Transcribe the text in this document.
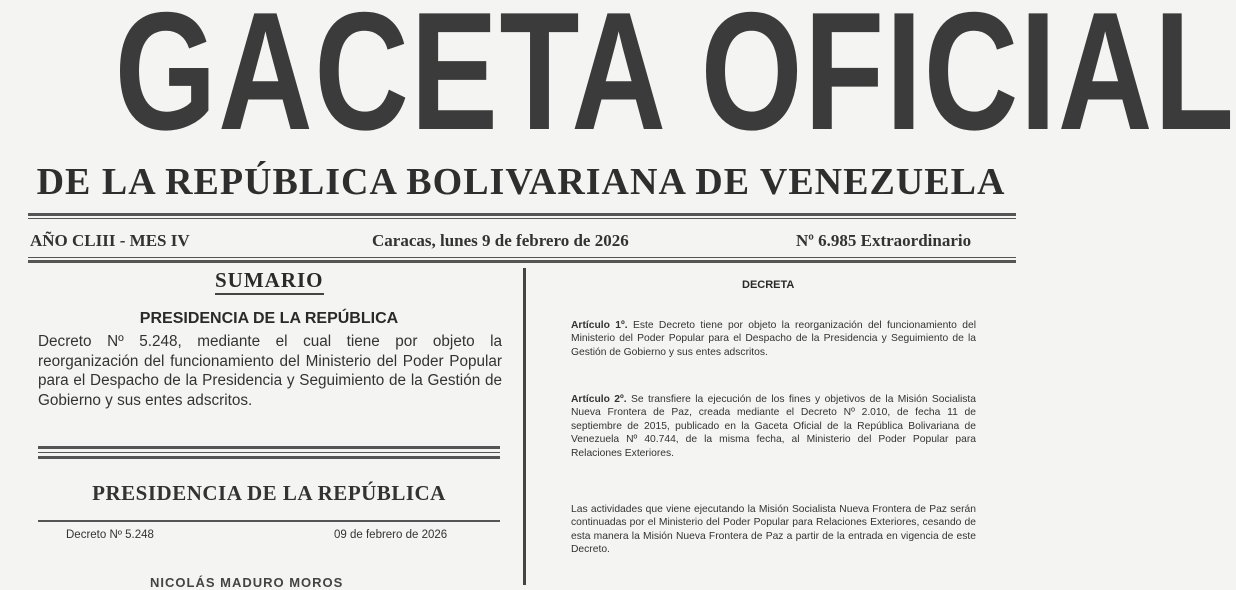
GACETA OFICIAL
DE LA REPÚBLICA BOLIVARIANA DE VENEZUELA
AÑO CLIII - MES IV	Caracas, lunes 9 de febrero de 2026	Nº 6.985 Extraordinario
SUMARIO
PRESIDENCIA DE LA REPÚBLICA
Decreto Nº 5.248, mediante el cual tiene por objeto la reorganización del funcionamiento del Ministerio del Poder Popular para el Despacho de la Presidencia y Seguimiento de la Gestión de Gobierno y sus entes adscritos.
PRESIDENCIA DE LA REPÚBLICA
Decreto Nº 5.248	09 de febrero de 2026
NICOLÁS MADURO MOROS
DECRETA
Artículo 1º. Este Decreto tiene por objeto la reorganización del funcionamiento del Ministerio del Poder Popular para el Despacho de la Presidencia y Seguimiento de la Gestión de Gobierno y sus entes adscritos.
Artículo 2º. Se transfiere la ejecución de los fines y objetivos de la Misión Socialista Nueva Frontera de Paz, creada mediante el Decreto Nº 2.010, de fecha 11 de septiembre de 2015, publicado en la Gaceta Oficial de la República Bolivariana de Venezuela Nº 40.744, de la misma fecha, al Ministerio del Poder Popular para Relaciones Exteriores.
Las actividades que viene ejecutando la Misión Socialista Nueva Frontera de Paz serán continuadas por el Ministerio del Poder Popular para Relaciones Exteriores, cesando de esta manera la Misión Nueva Frontera de Paz a partir de la entrada en vigencia de este Decreto.
